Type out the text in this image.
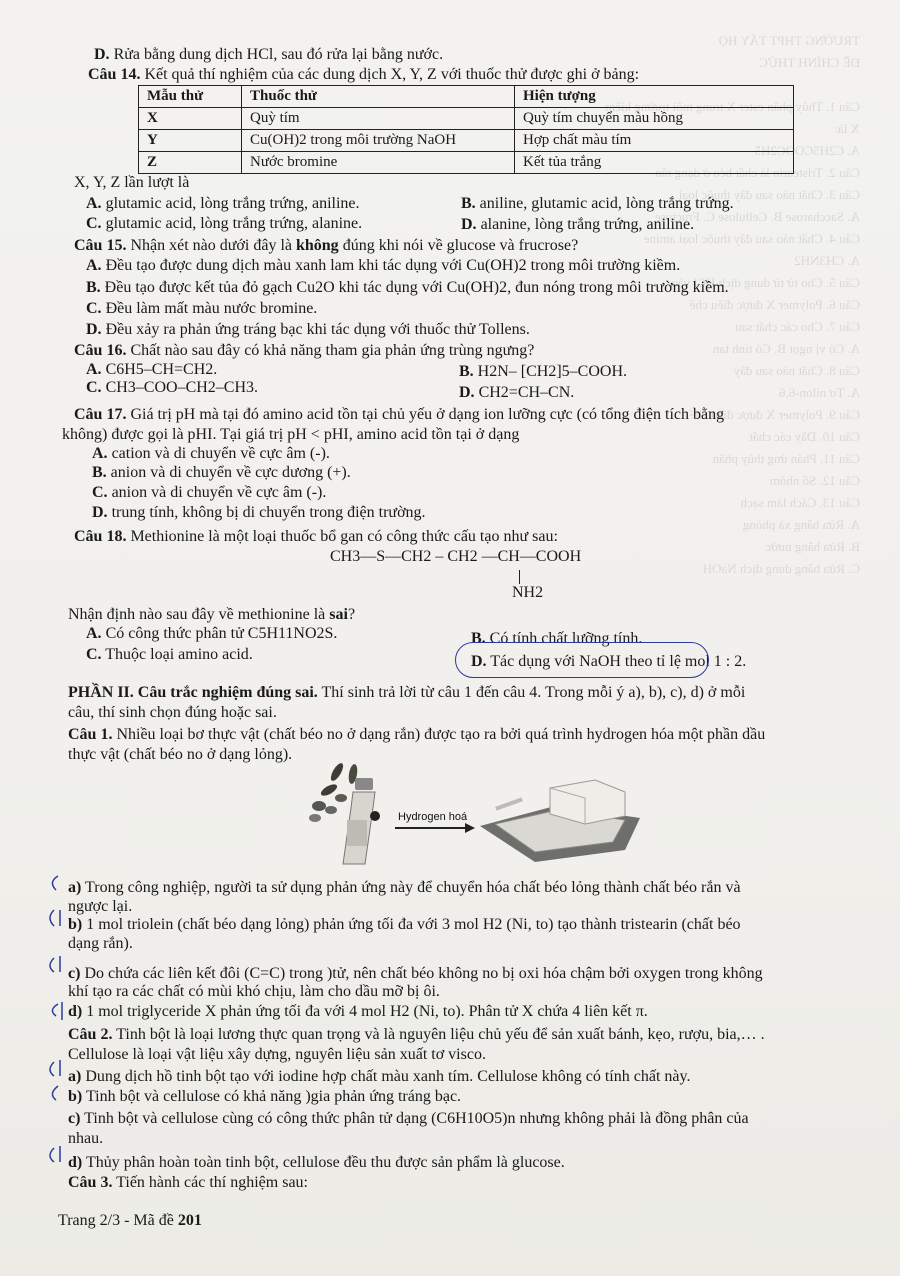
TRƯỜNG THPT TẤY HỌ
ĐỀ CHÍNH THỨC

Câu 1. Thủy phân ester X trong môi trường kiềm
X là:
A. C2H5COOC2H5
Câu 2. Tristearin là chất béo ở dạng rắn
Câu 3. Chất nào sau đây thuộc loại
A. Saccharose B. Cellulose C. Fructose
Câu 4. Chất nào sau đây thuộc loại amine
A. CH3NH2
Câu 5. Cho từ từ dung dịch HCl vào
Câu 6. Polymer X được điều chế
Câu 7. Cho các chất sau
A. Có vị ngọt B. Có tính tan
Câu 8. Chất nào sau đây
A. Tơ nilon-6,6
Câu 9. Polymer X được điều chế
Câu 10. Dãy các chất
Câu 11. Phản ứng thủy phân
Câu 12. Số nhóm
Câu 13. Cách làm sạch
A. Rửa bằng xà phòng
B. Rửa bằng nước
C. Rửa bằng dung dịch NaOH
D. Rửa bằng dung dịch HCl, sau đó rửa lại bằng nước.
Câu 14. Kết quả thí nghiệm của các dung dịch X, Y, Z với thuốc thử được ghi ở bảng:
Mẫu thử	Thuốc thử	Hiện tượng
X	Quỳ tím	Quỳ tím chuyển màu hồng
Y	Cu(OH)2 trong môi trường NaOH	Hợp chất màu tím
Z	Nước bromine	Kết tủa trắng
X, Y, Z lần lượt là
A. glutamic acid, lòng trắng trứng, aniline.	B. aniline, glutamic acid, lòng trắng trứng.
C. glutamic acid, lòng trắng trứng, alanine.	D. alanine, lòng trắng trứng, aniline.
Câu 15. Nhận xét nào dưới đây là không đúng khi nói về glucose và frucrose?
A. Đều tạo được dung dịch màu xanh lam khi tác dụng với Cu(OH)2 trong môi trường kiềm.
B. Đều tạo được kết tủa đỏ gạch Cu2O khi tác dụng với Cu(OH)2, đun nóng trong môi trường kiềm.
C. Đều làm mất màu nước bromine.
D. Đều xảy ra phản ứng tráng bạc khi tác dụng với thuốc thử Tollens.
Câu 16. Chất nào sau đây có khả năng tham gia phản ứng trùng ngưng?
A. C6H5–CH=CH2.	B. H2N– [CH2]5–COOH.
C. CH3–COO–CH2–CH3.	D. CH2=CH–CN.
Câu 17. Giá trị pH mà tại đó amino acid tồn tại chủ yếu ở dạng ion lưỡng cực (có tổng điện tích bằng
không) được gọi là pHI. Tại giá trị pH < pHI, amino acid tồn tại ở dạng
A. cation và di chuyển về cực âm (-).
B. anion và di chuyển về cực dương (+).
C. anion và di chuyển về cực âm (-).
D. trung tính, không bị di chuyển trong điện trường.
Câu 18. Methionine là một loại thuốc bổ gan có công thức cấu tạo như sau:
CH3—S—CH2 – CH2 —CH—COOH
NH2
Nhận định nào sau đây về methionine là sai?
A. Có công thức phân tử C5H11NO2S.	B. Có tính chất lưỡng tính.
C. Thuộc loại amino acid.	D. Tác dụng với NaOH theo tỉ lệ mol 1 : 2.
PHẦN II. Câu trắc nghiệm đúng sai. Thí sinh trả lời từ câu 1 đến câu 4. Trong mỗi ý a), b), c), d) ở mỗi
câu, thí sinh chọn đúng hoặc sai.
Câu 1. Nhiều loại bơ thực vật (chất béo no ở dạng rắn) được tạo ra bởi quá trình hydrogen hóa một phần dầu
thực vật (chất béo no ở dạng lỏng).
Hydrogen hoá
a) Trong công nghiệp, người ta sử dụng phản ứng này để chuyển hóa chất béo lỏng thành chất béo rắn và
ngược lại.
b) 1 mol triolein (chất béo dạng lỏng) phản ứng tối đa với 3 mol H2 (Ni, to) tạo thành tristearin (chất béo
dạng rắn).
c) Do chứa các liên kết đôi (C=C) trong )tử, nên chất béo không no bị oxi hóa chậm bởi oxygen trong không
khí tạo ra các chất có mùi khó chịu, làm cho dầu mỡ bị ôi.
d) 1 mol triglyceride X phản ứng tối đa với 4 mol H2 (Ni, to). Phân tử X chứa 4 liên kết π.
Câu 2. Tinh bột là loại lương thực quan trọng và là nguyên liệu chủ yếu để sản xuất bánh, kẹo, rượu, bia,… .
Cellulose là loại vật liệu xây dựng, nguyên liệu sản xuất tơ visco.
a) Dung dịch hồ tinh bột tạo với iodine hợp chất màu xanh tím. Cellulose không có tính chất này.
b) Tinh bột và cellulose có khả năng )gia phản ứng tráng bạc.
c) Tinh bột và cellulose cùng có công thức phân tử dạng (C6H10O5)n nhưng không phải là đồng phân của
nhau.
d) Thủy phân hoàn toàn tinh bột, cellulose đều thu được sản phẩm là glucose.
Câu 3. Tiến hành các thí nghiệm sau:
Trang 2/3 - Mã đề 201
